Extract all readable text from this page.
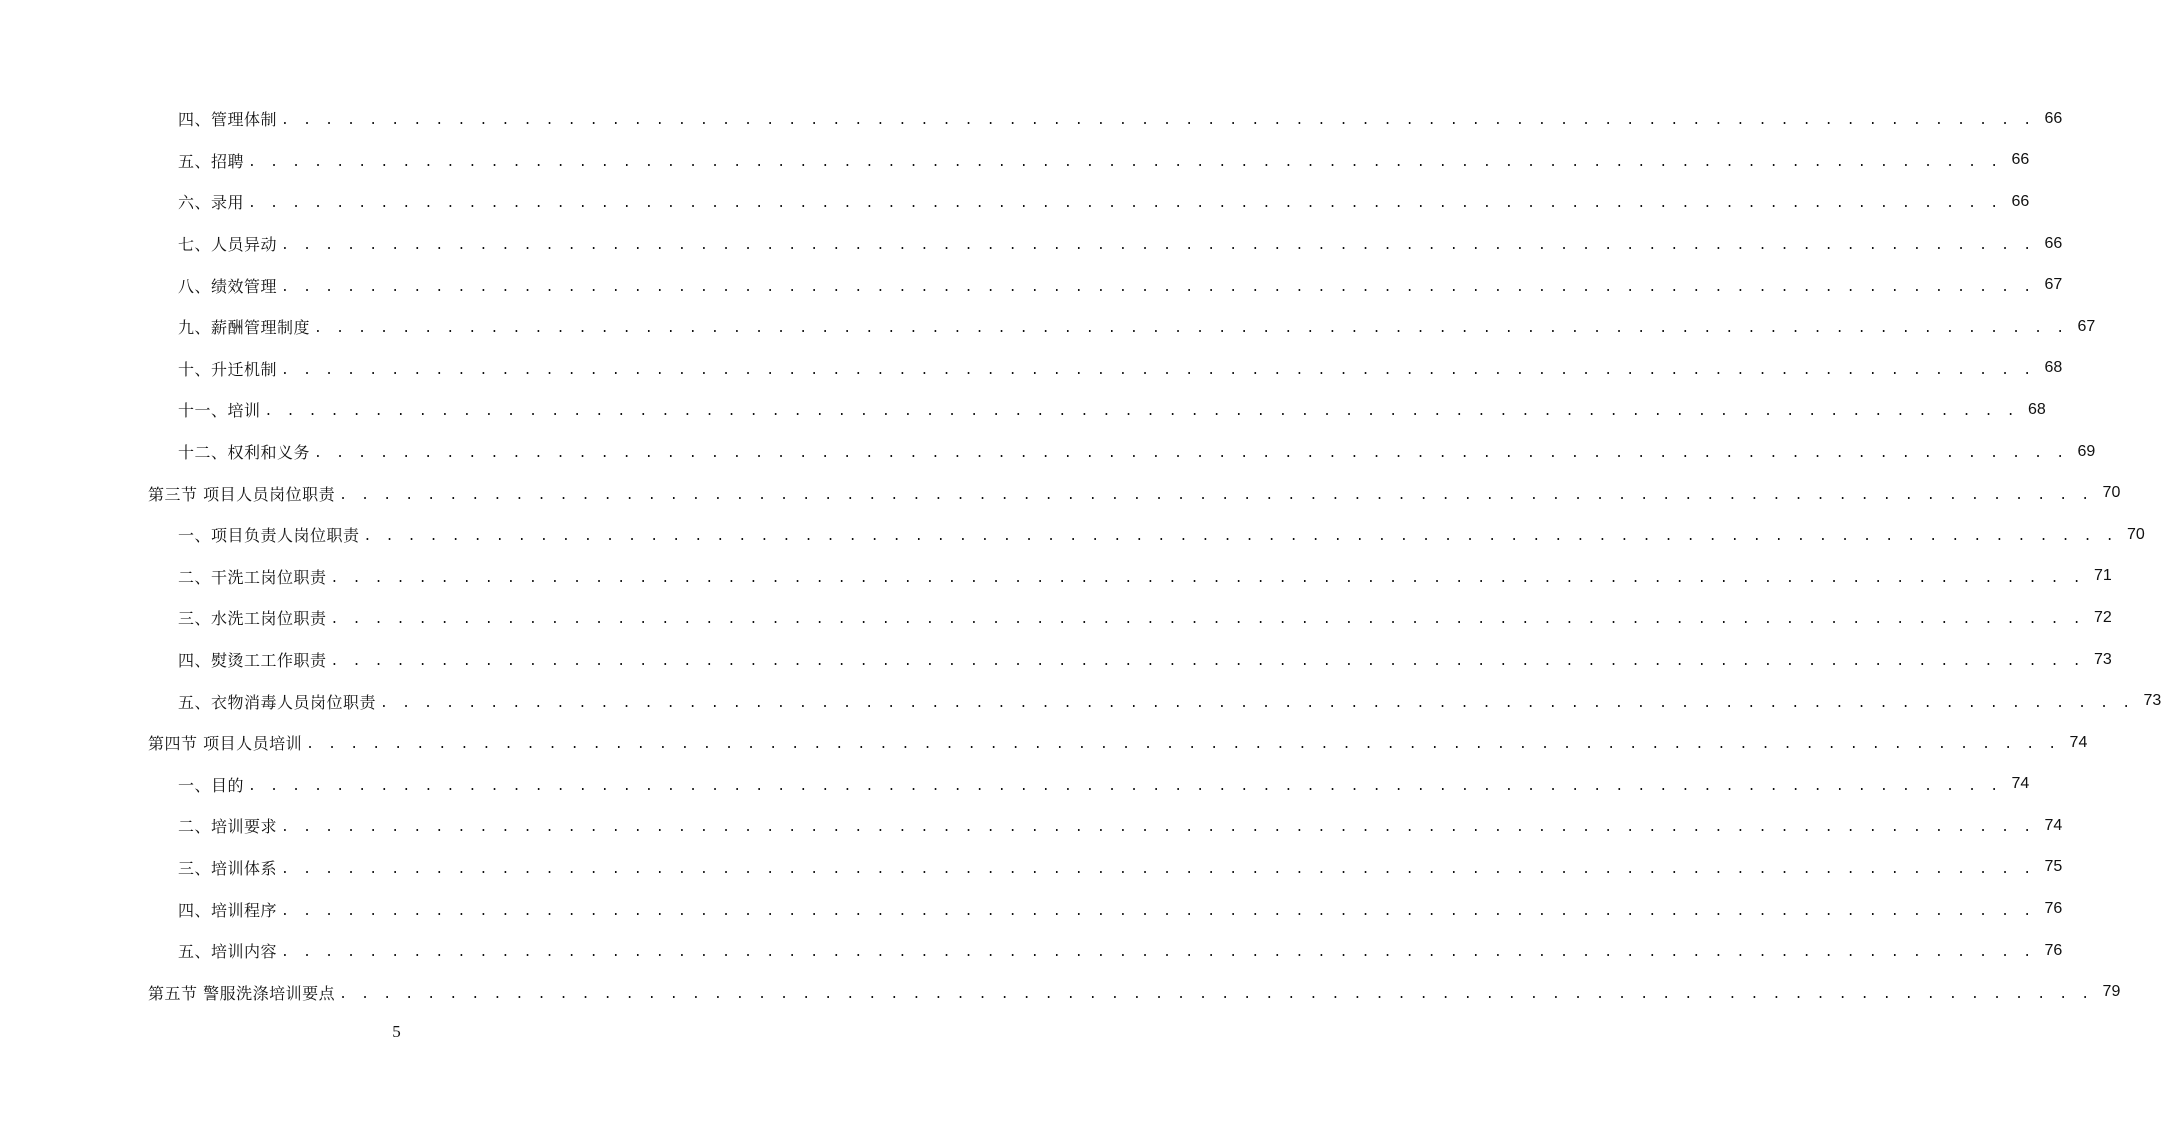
四、管理体制 . . . . . . . . . . . . . . . . . . . . . . . . . . . . . . . . . . . . . . . . . . . . . . . . . . . . . . . . . . . . . . . . . . . . . . . . . . . . . . . . 66
五、招聘 . . . . . . . . . . . . . . . . . . . . . . . . . . . . . . . . . . . . . . . . . . . . . . . . . . . . . . . . . . . . . . . . . . . . . . . . . . . . . . . . 66
六、录用 . . . . . . . . . . . . . . . . . . . . . . . . . . . . . . . . . . . . . . . . . . . . . . . . . . . . . . . . . . . . . . . . . . . . . . . . . . . . . . . . 66
七、人员异动 . . . . . . . . . . . . . . . . . . . . . . . . . . . . . . . . . . . . . . . . . . . . . . . . . . . . . . . . . . . . . . . . . . . . . . . . . . . . . . . . 66
八、绩效管理 . . . . . . . . . . . . . . . . . . . . . . . . . . . . . . . . . . . . . . . . . . . . . . . . . . . . . . . . . . . . . . . . . . . . . . . . . . . . . . . . 67
九、薪酬管理制度 . . . . . . . . . . . . . . . . . . . . . . . . . . . . . . . . . . . . . . . . . . . . . . . . . . . . . . . . . . . . . . . . . . . . . . . . . . . . . . . . 67
十、升迁机制 . . . . . . . . . . . . . . . . . . . . . . . . . . . . . . . . . . . . . . . . . . . . . . . . . . . . . . . . . . . . . . . . . . . . . . . . . . . . . . . . 68
十一、培训 . . . . . . . . . . . . . . . . . . . . . . . . . . . . . . . . . . . . . . . . . . . . . . . . . . . . . . . . . . . . . . . . . . . . . . . . . . . . . . . . 68
十二、权利和义务 . . . . . . . . . . . . . . . . . . . . . . . . . . . . . . . . . . . . . . . . . . . . . . . . . . . . . . . . . . . . . . . . . . . . . . . . . . . . . . . . 69
第三节 项目人员岗位职责 . . . . . . . . . . . . . . . . . . . . . . . . . . . . . . . . . . . . . . . . . . . . . . . . . . . . . . . . . . . . . . . . . . . . . . . . . . . . . . . . 70
一、项目负责人岗位职责 . . . . . . . . . . . . . . . . . . . . . . . . . . . . . . . . . . . . . . . . . . . . . . . . . . . . . . . . . . . . . . . . . . . . . . . . . . . . . . . . 70
二、干洗工岗位职责 . . . . . . . . . . . . . . . . . . . . . . . . . . . . . . . . . . . . . . . . . . . . . . . . . . . . . . . . . . . . . . . . . . . . . . . . . . . . . . . . 71
三、水洗工岗位职责 . . . . . . . . . . . . . . . . . . . . . . . . . . . . . . . . . . . . . . . . . . . . . . . . . . . . . . . . . . . . . . . . . . . . . . . . . . . . . . . . 72
四、熨烫工工作职责 . . . . . . . . . . . . . . . . . . . . . . . . . . . . . . . . . . . . . . . . . . . . . . . . . . . . . . . . . . . . . . . . . . . . . . . . . . . . . . . . 73
五、衣物消毒人员岗位职责 . . . . . . . . . . . . . . . . . . . . . . . . . . . . . . . . . . . . . . . . . . . . . . . . . . . . . . . . . . . . . . . . . . . . . . . . . . . . . . . . 73
第四节 项目人员培训 . . . . . . . . . . . . . . . . . . . . . . . . . . . . . . . . . . . . . . . . . . . . . . . . . . . . . . . . . . . . . . . . . . . . . . . . . . . . . . . . 74
一、目的 . . . . . . . . . . . . . . . . . . . . . . . . . . . . . . . . . . . . . . . . . . . . . . . . . . . . . . . . . . . . . . . . . . . . . . . . . . . . . . . . 74
二、培训要求 . . . . . . . . . . . . . . . . . . . . . . . . . . . . . . . . . . . . . . . . . . . . . . . . . . . . . . . . . . . . . . . . . . . . . . . . . . . . . . . . 74
三、培训体系 . . . . . . . . . . . . . . . . . . . . . . . . . . . . . . . . . . . . . . . . . . . . . . . . . . . . . . . . . . . . . . . . . . . . . . . . . . . . . . . . 75
四、培训程序 . . . . . . . . . . . . . . . . . . . . . . . . . . . . . . . . . . . . . . . . . . . . . . . . . . . . . . . . . . . . . . . . . . . . . . . . . . . . . . . . 76
五、培训内容 . . . . . . . . . . . . . . . . . . . . . . . . . . . . . . . . . . . . . . . . . . . . . . . . . . . . . . . . . . . . . . . . . . . . . . . . . . . . . . . . 76
第五节 警服洗涤培训要点 . . . . . . . . . . . . . . . . . . . . . . . . . . . . . . . . . . . . . . . . . . . . . . . . . . . . . . . . . . . . . . . . . . . . . . . . . . . . . . . . 79
5
